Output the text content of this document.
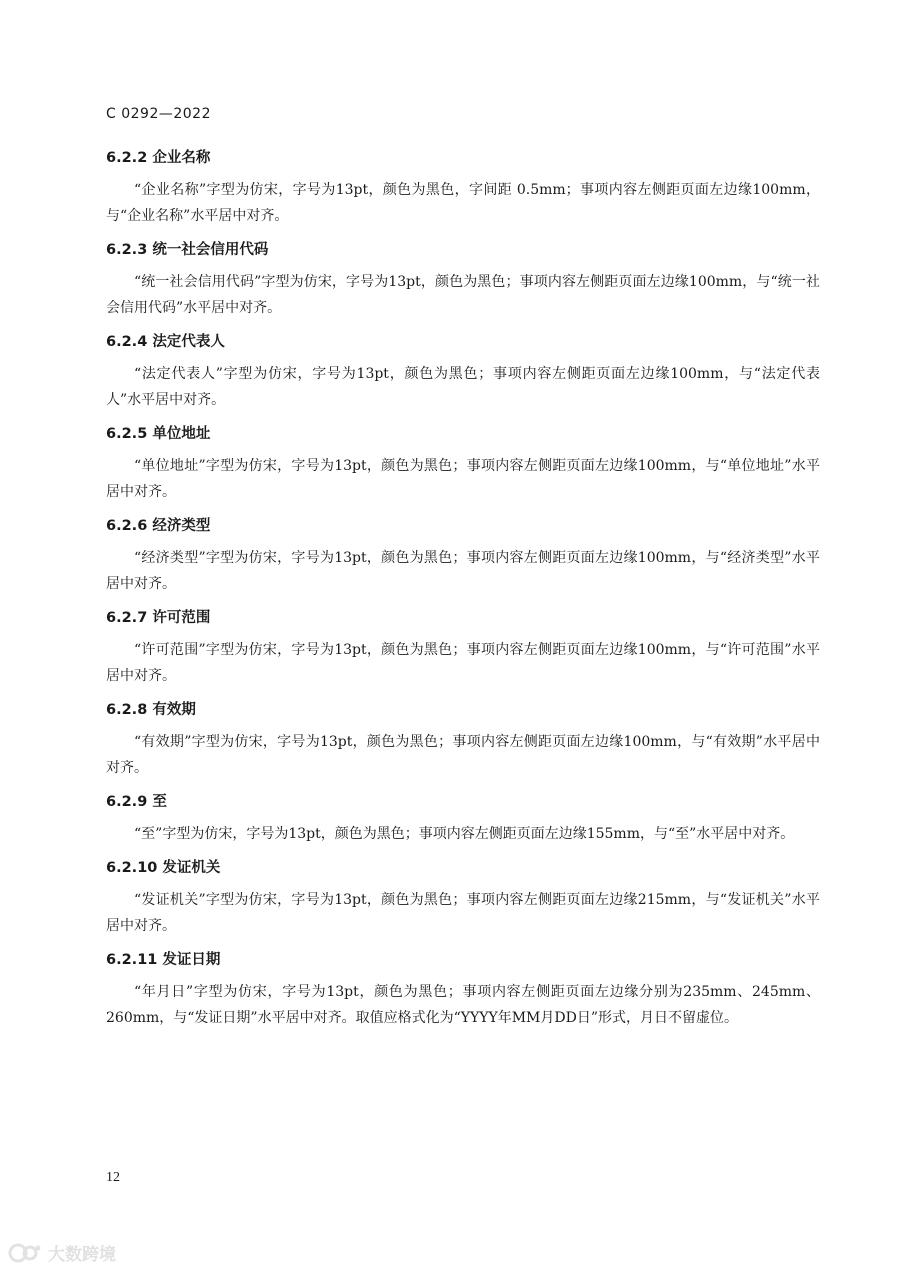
C 0292—2022
6.2.2 企业名称

“企业名称”字型为仿宋，字号为13pt，颜色为黑色，字间距 0.5mm；事项内容左侧距页面左边缘100mm，与“企业名称”水平居中对齐。

6.2.3 统一社会信用代码

“统一社会信用代码”字型为仿宋，字号为13pt，颜色为黑色；事项内容左侧距页面左边缘100mm，与“统一社会信用代码”水平居中对齐。

6.2.4 法定代表人

“法定代表人”字型为仿宋，字号为13pt，颜色为黑色；事项内容左侧距页面左边缘100mm，与“法定代表人”水平居中对齐。

6.2.5 单位地址

“单位地址”字型为仿宋，字号为13pt，颜色为黑色；事项内容左侧距页面左边缘100mm，与“单位地址”水平居中对齐。

6.2.6 经济类型

“经济类型”字型为仿宋，字号为13pt，颜色为黑色；事项内容左侧距页面左边缘100mm，与“经济类型”水平居中对齐。

6.2.7 许可范围

“许可范围”字型为仿宋，字号为13pt，颜色为黑色；事项内容左侧距页面左边缘100mm，与“许可范围”水平居中对齐。

6.2.8 有效期

“有效期”字型为仿宋，字号为13pt，颜色为黑色；事项内容左侧距页面左边缘100mm，与“有效期”水平居中对齐。

6.2.9 至

“至”字型为仿宋，字号为13pt，颜色为黑色；事项内容左侧距页面左边缘155mm，与“至”水平居中对齐。

6.2.10 发证机关

“发证机关”字型为仿宋，字号为13pt，颜色为黑色；事项内容左侧距页面左边缘215mm，与“发证机关”水平居中对齐。

6.2.11 发证日期

“年月日”字型为仿宋，字号为13pt，颜色为黑色；事项内容左侧距页面左边缘分别为235mm、245mm、260mm，与“发证日期”水平居中对齐。取值应格式化为“YYYY年MM月DD日”形式，月日不留虚位。

12
大数跨境
